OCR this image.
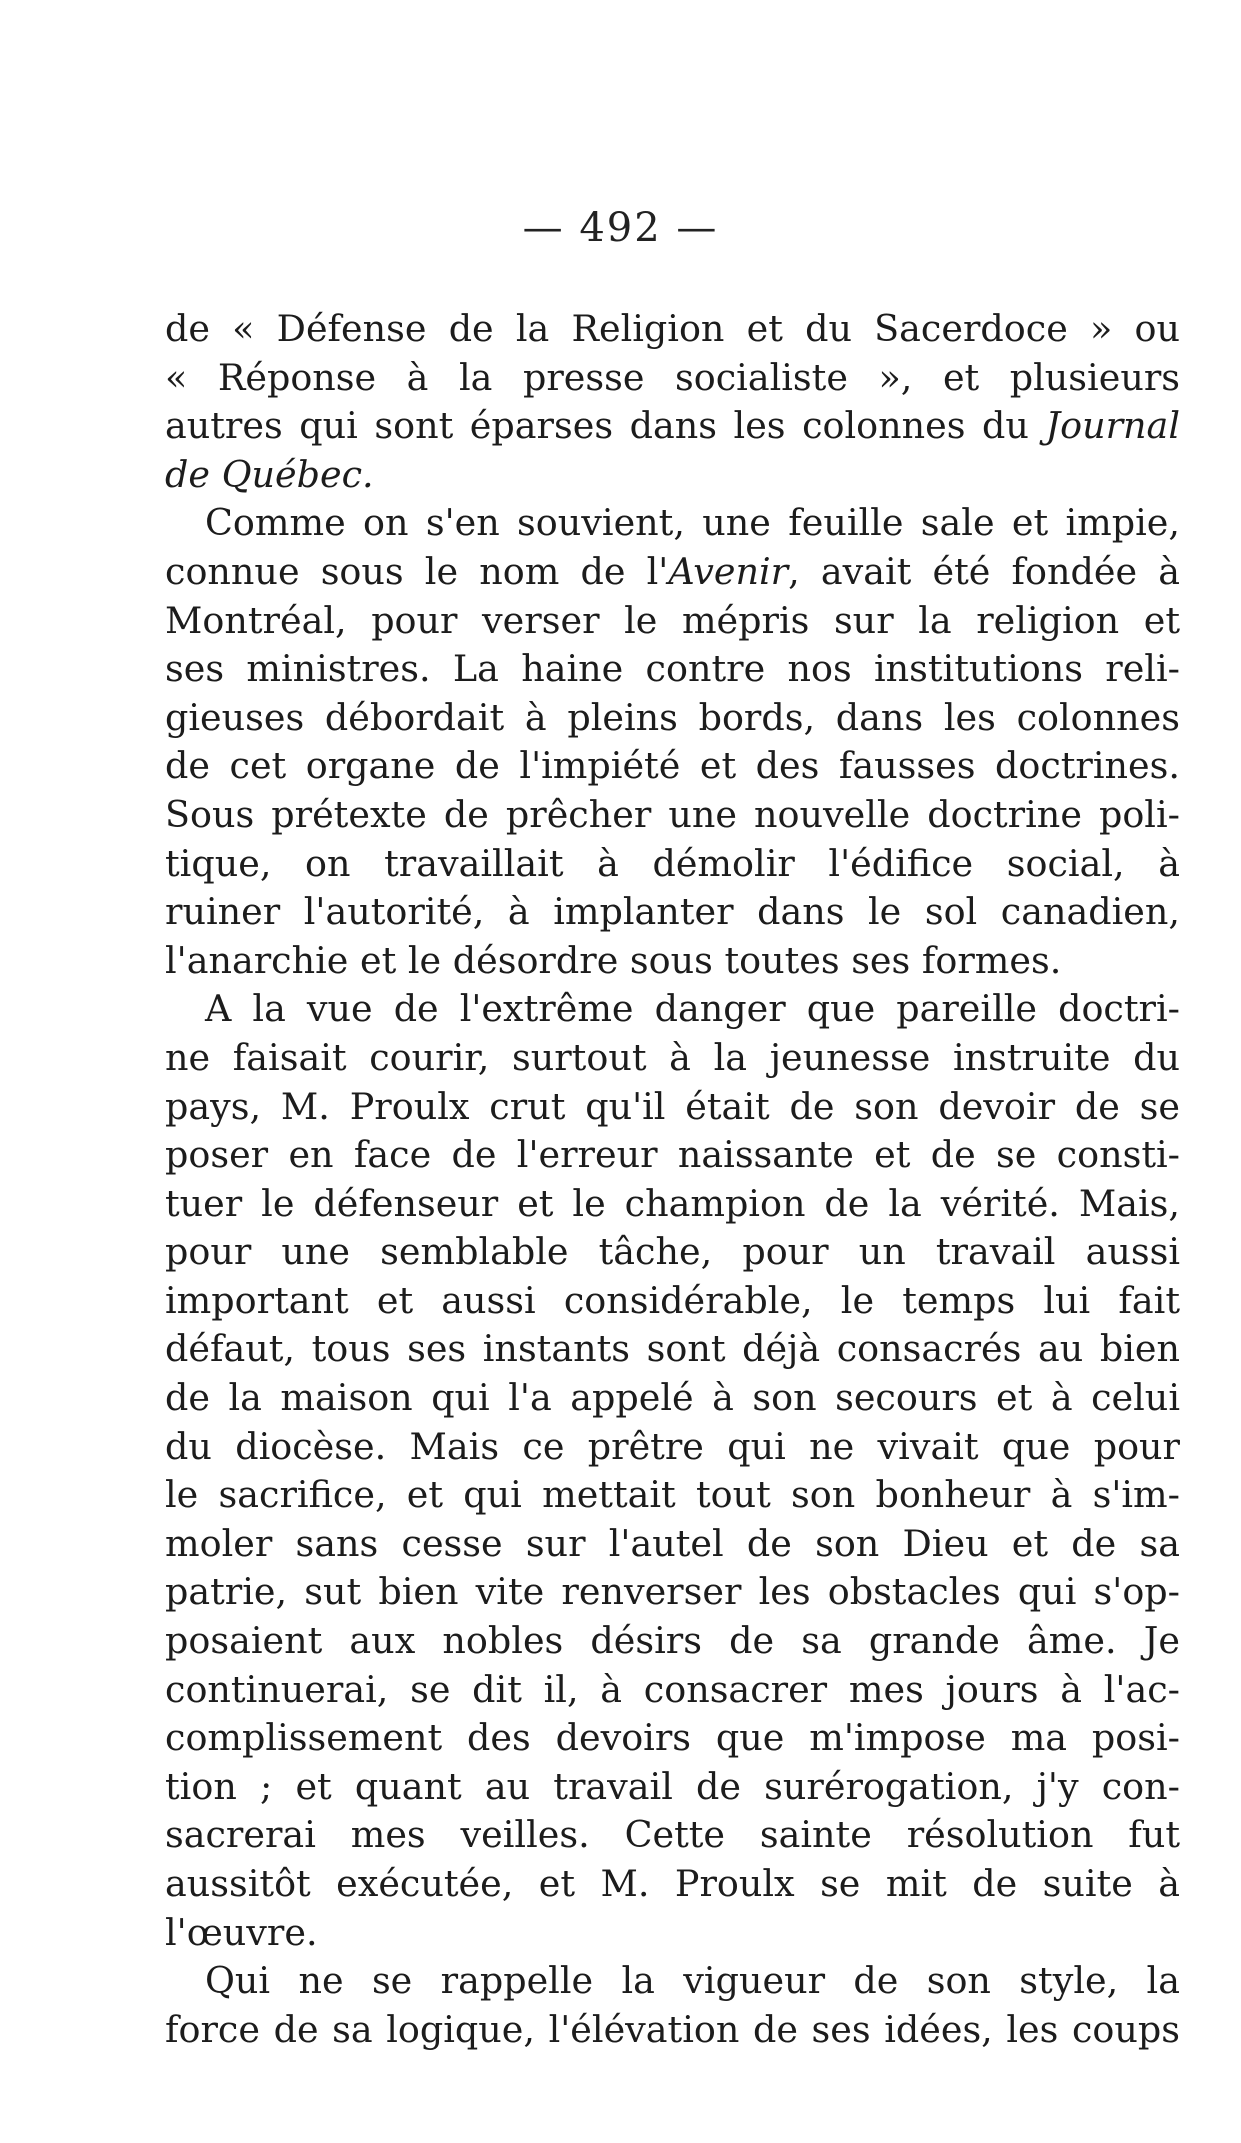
— 492 —
de « Défense de la Religion et du Sacerdoce » ou
« Réponse à la presse socialiste », et plusieurs
autres qui sont éparses dans les colonnes du Journal
de Québec.
Comme on s'en souvient, une feuille sale et impie,
connue sous le nom de l'Avenir, avait été fondée à
Montréal, pour verser le mépris sur la religion et
ses ministres. La haine contre nos institutions reli-
gieuses débordait à pleins bords, dans les colonnes
de cet organe de l'impiété et des fausses doctrines.
Sous prétexte de prêcher une nouvelle doctrine poli-
tique, on travaillait à démolir l'édifice social, à
ruiner l'autorité, à implanter dans le sol canadien,
l'anarchie et le désordre sous toutes ses formes.
A la vue de l'extrême danger que pareille doctri-
ne faisait courir, surtout à la jeunesse instruite du
pays, M. Proulx crut qu'il était de son devoir de se
poser en face de l'erreur naissante et de se consti-
tuer le défenseur et le champion de la vérité. Mais,
pour une semblable tâche, pour un travail aussi
important et aussi considérable, le temps lui fait
défaut, tous ses instants sont déjà consacrés au bien
de la maison qui l'a appelé à son secours et à celui
du diocèse. Mais ce prêtre qui ne vivait que pour
le sacrifice, et qui mettait tout son bonheur à s'im-
moler sans cesse sur l'autel de son Dieu et de sa
patrie, sut bien vite renverser les obstacles qui s'op-
posaient aux nobles désirs de sa grande âme. Je
continuerai, se dit il, à consacrer mes jours à l'ac-
complissement des devoirs que m'impose ma posi-
tion ; et quant au travail de surérogation, j'y con-
sacrerai mes veilles. Cette sainte résolution fut
aussitôt exécutée, et M. Proulx se mit de suite à
l'œuvre.
Qui ne se rappelle la vigueur de son style, la
force de sa logique, l'élévation de ses idées, les coups
